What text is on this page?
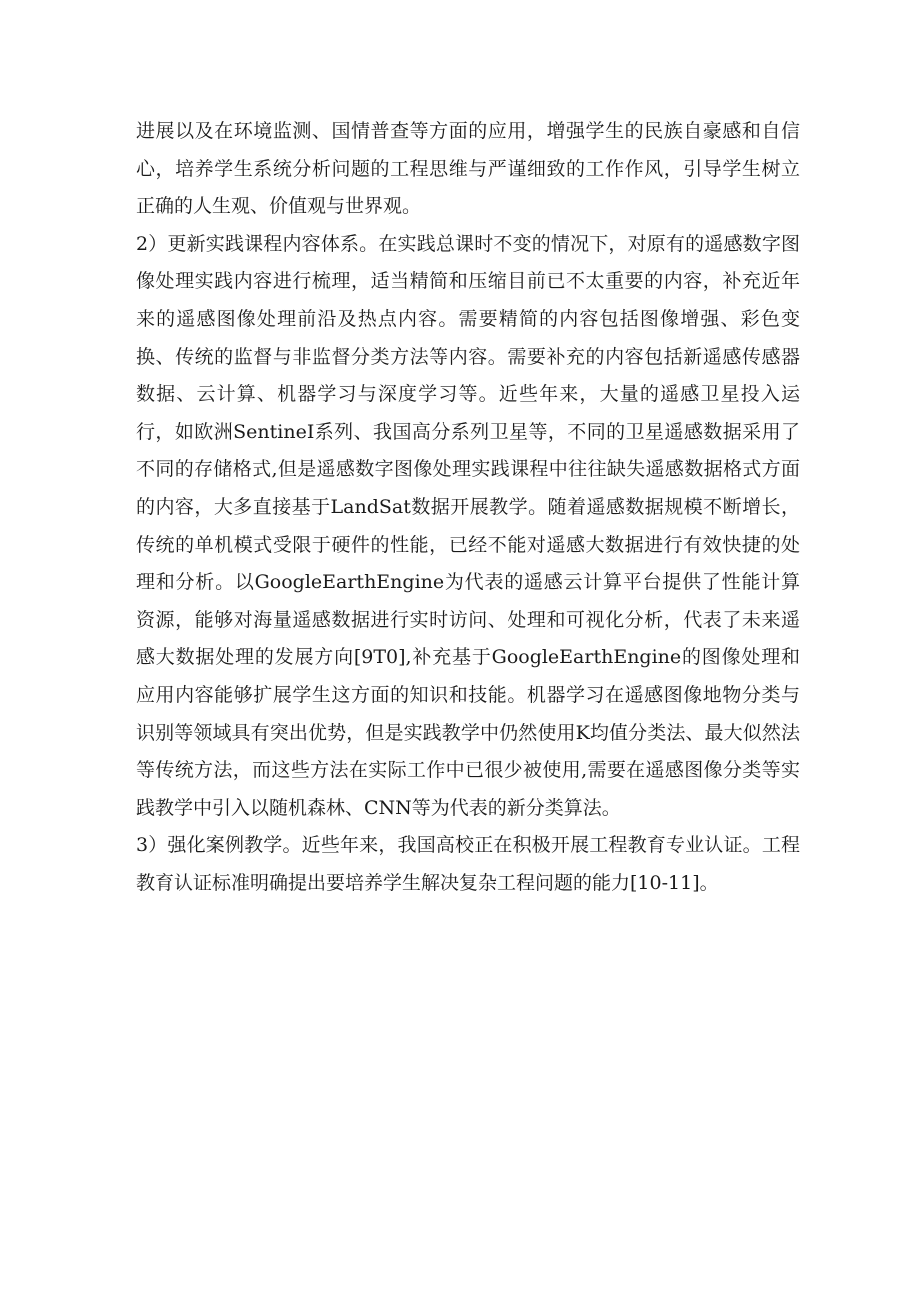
进展以及在环境监测、国情普查等方面的应用，增强学生的民族自豪感和自信心，培养学生系统分析问题的工程思维与严谨细致的工作作风，引导学生树立正确的人生观、价值观与世界观。

2）更新实践课程内容体系。在实践总课时不变的情况下，对原有的遥感数字图像处理实践内容进行梳理，适当精简和压缩目前已不太重要的内容，补充近年来的遥感图像处理前沿及热点内容。需要精简的内容包括图像增强、彩色变换、传统的监督与非监督分类方法等内容。需要补充的内容包括新遥感传感器数据、云计算、机器学习与深度学习等。近些年来，大量的遥感卫星投入运行，如欧洲SentineI系列、我国高分系列卫星等，不同的卫星遥感数据采用了不同的存储格式,但是遥感数字图像处理实践课程中往往缺失遥感数据格式方面的内容，大多直接基于LandSat数据开展教学。随着遥感数据规模不断增长，传统的单机模式受限于硬件的性能，已经不能对遥感大数据进行有效快捷的处理和分析。以GoogleEarthEngine为代表的遥感云计算平台提供了性能计算资源，能够对海量遥感数据进行实时访问、处理和可视化分析，代表了未来遥感大数据处理的发展方向[9T0],补充基于GoogleEarthEngine的图像处理和应用内容能够扩展学生这方面的知识和技能。机器学习在遥感图像地物分类与识别等领域具有突出优势，但是实践教学中仍然使用K均值分类法、最大似然法等传统方法，而这些方法在实际工作中已很少被使用,需要在遥感图像分类等实践教学中引入以随机森林、CNN等为代表的新分类算法。

3）强化案例教学。近些年来，我国高校正在积极开展工程教育专业认证。工程教育认证标准明确提出要培养学生解决复杂工程问题的能力[10-11]。
